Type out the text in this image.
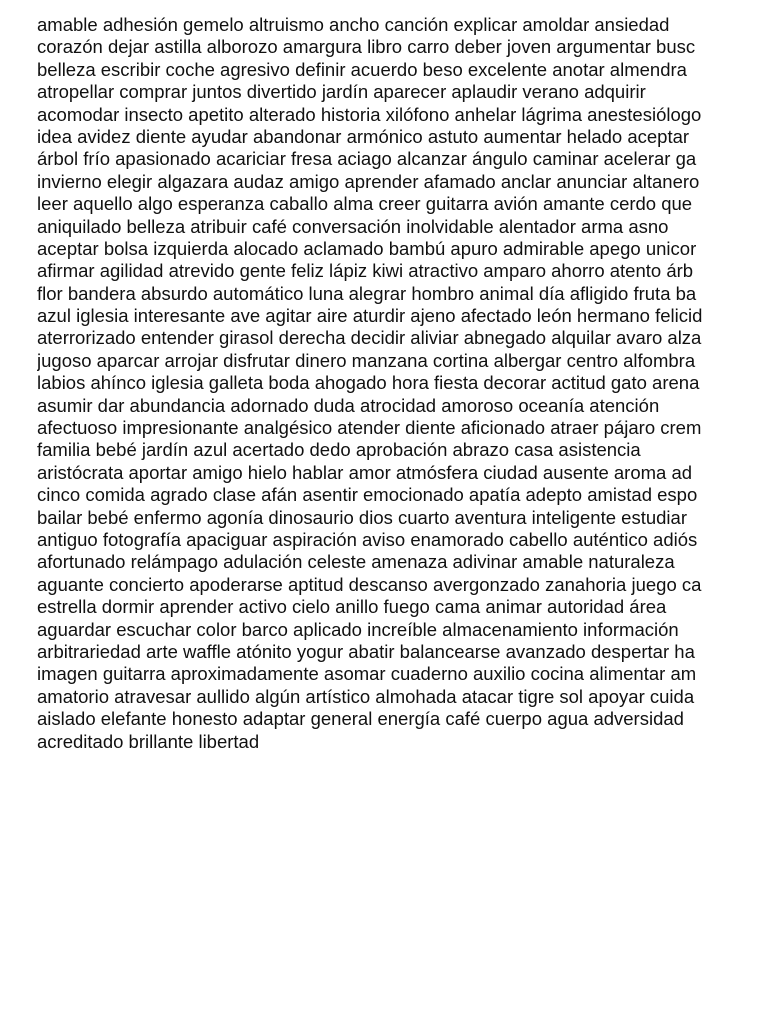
amable adhesión gemelo altruismo ancho canción explicar amoldar ansiedad
corazón dejar astilla alborozo amargura libro carro deber joven argumentar busc
belleza escribir coche agresivo definir acuerdo beso excelente anotar almendra
atropellar comprar juntos divertido jardín aparecer aplaudir verano adquirir
acomodar insecto apetito alterado historia xilófono anhelar lágrima anestesiólogo
idea avidez diente ayudar abandonar armónico astuto aumentar helado aceptar
árbol frío apasionado acariciar fresa aciago alcanzar ángulo caminar acelerar ga
invierno elegir algazara audaz amigo aprender afamado anclar anunciar altanero
leer aquello algo esperanza caballo alma creer guitarra avión amante cerdo que
aniquilado belleza atribuir café conversación inolvidable alentador arma asno
aceptar bolsa izquierda alocado aclamado bambú apuro admirable apego unicor
afirmar agilidad atrevido gente feliz lápiz kiwi atractivo amparo ahorro atento árb
flor bandera absurdo automático luna alegrar hombro animal día afligido fruta ba
azul iglesia interesante ave agitar aire aturdir ajeno afectado león hermano felicid
aterrorizado entender girasol derecha decidir aliviar abnegado alquilar avaro alza
jugoso aparcar arrojar disfrutar dinero manzana cortina albergar centro alfombra
labios ahínco iglesia galleta boda ahogado hora fiesta decorar actitud gato arena
asumir dar abundancia adornado duda atrocidad amoroso oceanía atención
afectuoso impresionante analgésico atender diente aficionado atraer pájaro crem
familia bebé jardín azul acertado dedo aprobación abrazo casa asistencia
aristócrata aportar amigo hielo hablar amor atmósfera ciudad ausente aroma ad
cinco comida agrado clase afán asentir emocionado apatía adepto amistad espo
bailar bebé enfermo agonía dinosaurio dios cuarto aventura inteligente estudiar
antiguo fotografía apaciguar aspiración aviso enamorado cabello auténtico adiós
afortunado relámpago adulación celeste amenaza adivinar amable naturaleza
aguante concierto apoderarse aptitud descanso avergonzado zanahoria juego ca
estrella dormir aprender activo cielo anillo fuego cama animar autoridad área
aguardar escuchar color barco aplicado increíble almacenamiento información
arbitrariedad arte waffle atónito yogur abatir balancearse avanzado despertar ha
imagen guitarra aproximadamente asomar cuaderno auxilio cocina alimentar am
amatorio atravesar aullido algún artístico almohada atacar tigre sol apoyar cuida
aislado elefante honesto adaptar general energía café cuerpo agua adversidad
acreditado brillante libertad
